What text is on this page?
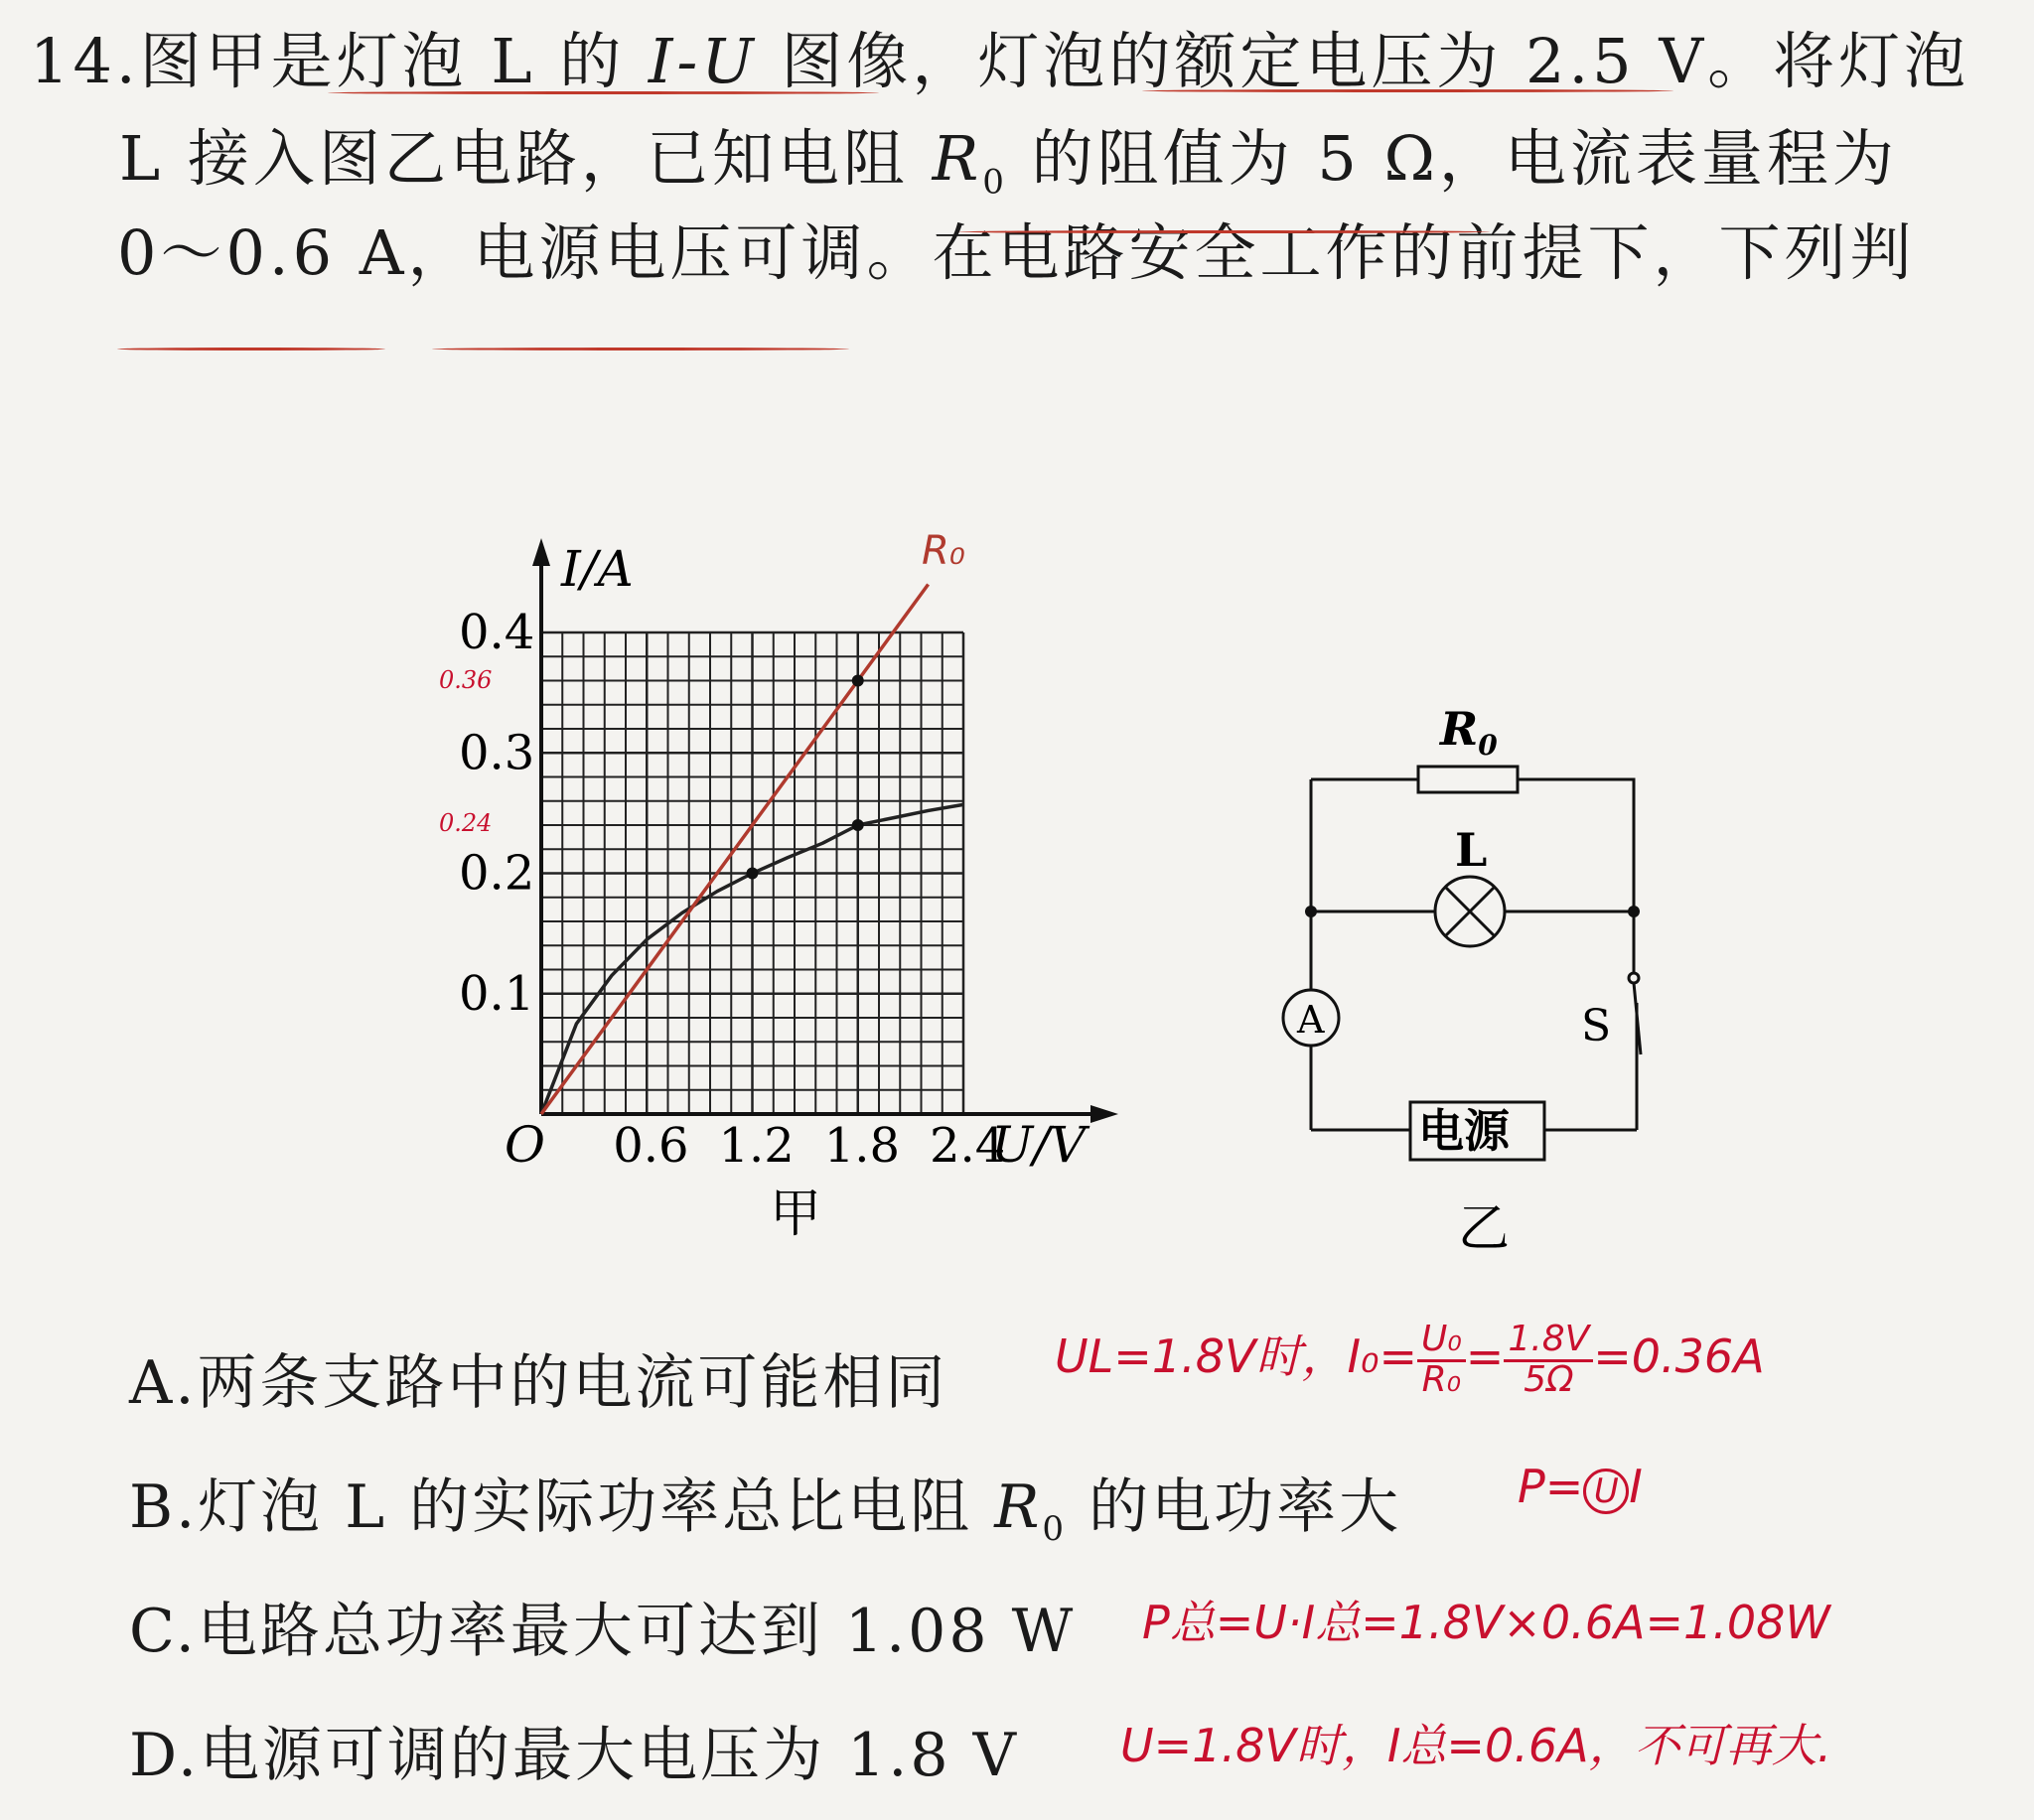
14.图甲是灯泡 L 的 I-U 图像，灯泡的额定电压为 2.5 V。将灯泡
L 接入图乙电路，已知电阻 $R_0$ 的阻值为 5 Ω，电流表量程为
0～0.6 A，电源电压可调。在电路安全工作的前提下，下列判
I/A
U/V
O 0.6 1.2 1.8 2.4
0.1
0.2
0.3
0.4
R₀
0.36
0.24
甲
$R_0$
L
A	S
电源
乙
A.两条支路中的电流可能相同
B.灯泡 L 的实际功率总比电阻 $R_0$ 的电功率大
C.电路总功率最大可达到 1.08 W
D.电源可调的最大电压为 1.8 V
UL=1.8V时，$I_0= \frac{\text{U₀}}{\text{R₀}} = \frac{1.8V}{5\Omega} =0.36A$
P= U I
P总=U·I总=1.8V×0.6A=1.08W
U=1.8V时，I总=0.6A，不可再大.
